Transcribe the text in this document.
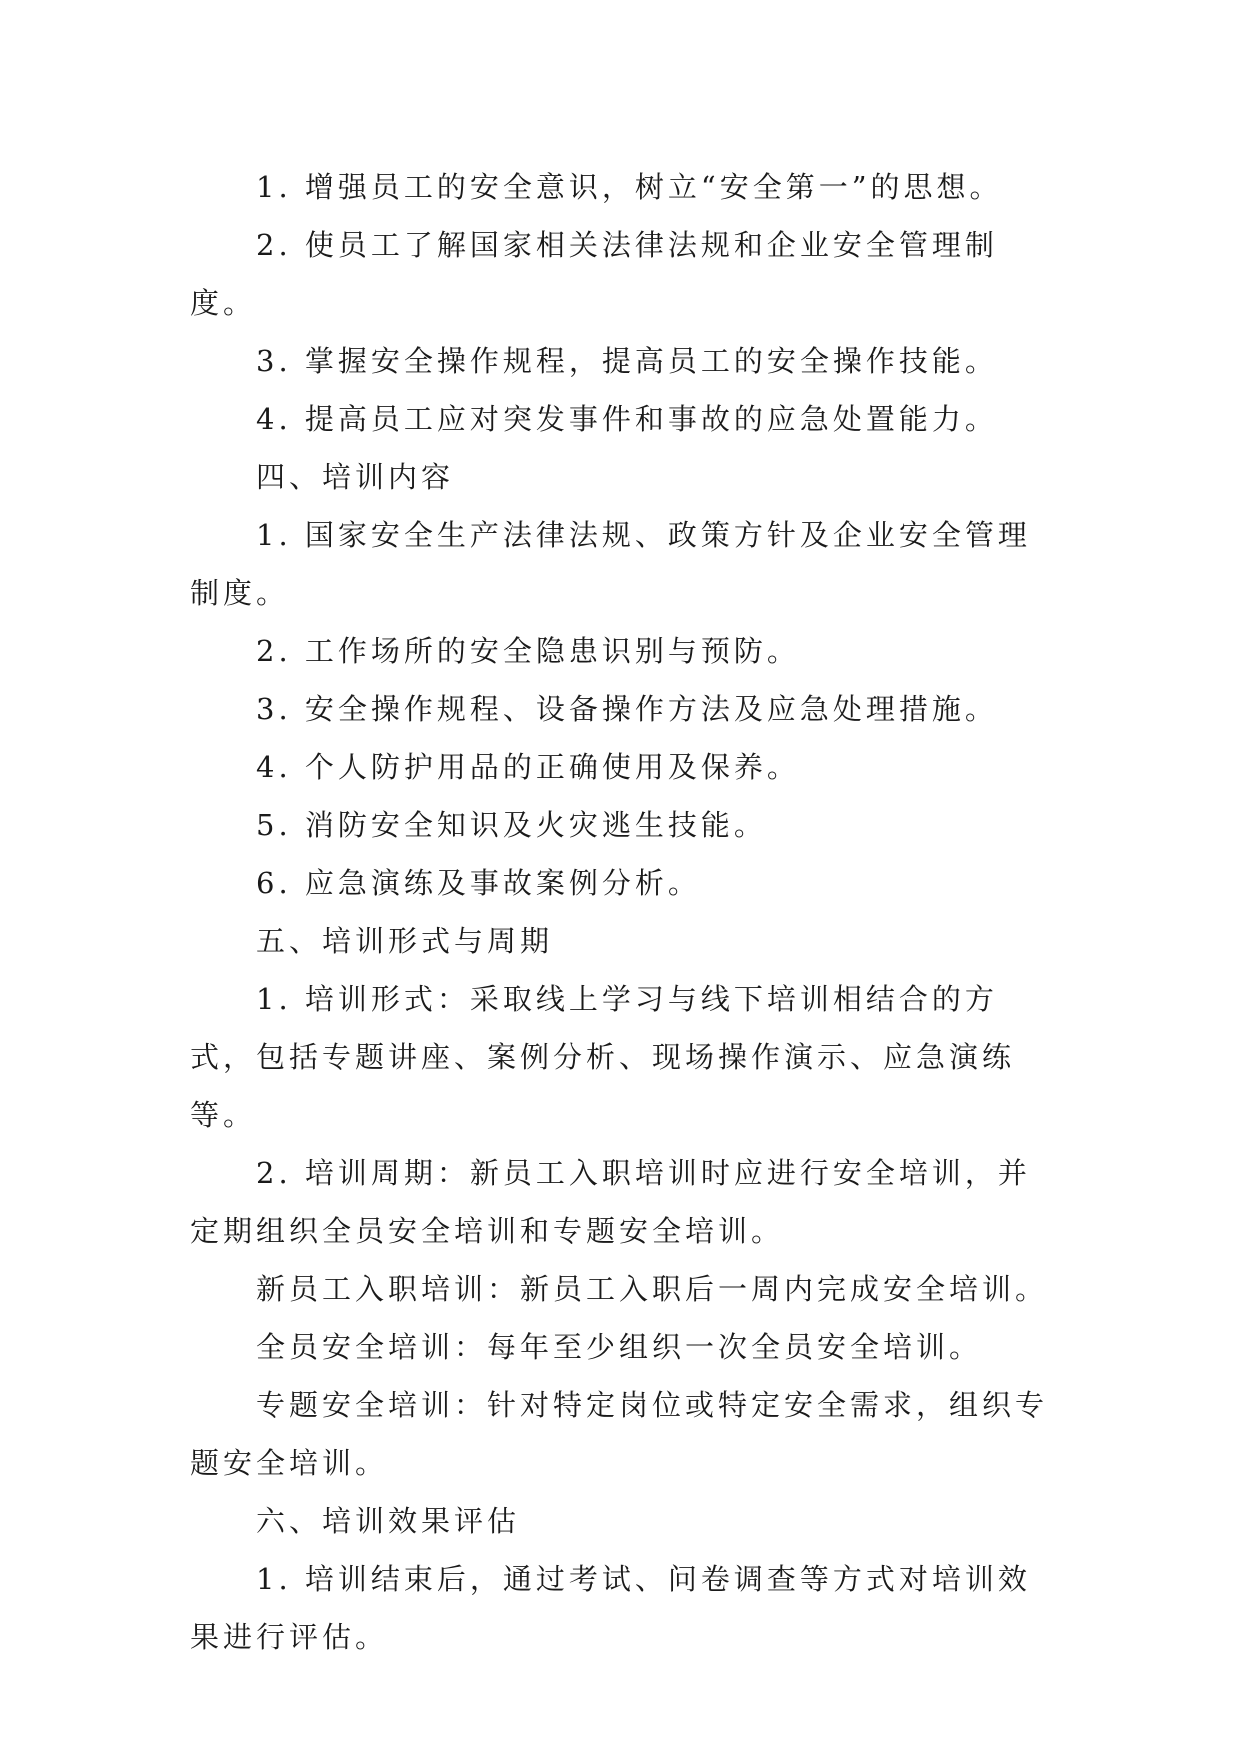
1. 增强员工的安全意识，树立“安全第一”的思想。

2. 使员工了解国家相关法律法规和企业安全管理制度。

3. 掌握安全操作规程，提高员工的安全操作技能。

4. 提高员工应对突发事件和事故的应急处置能力。

四、培训内容

1. 国家安全生产法律法规、政策方针及企业安全管理制度。

2. 工作场所的安全隐患识别与预防。

3. 安全操作规程、设备操作方法及应急处理措施。

4. 个人防护用品的正确使用及保养。

5. 消防安全知识及火灾逃生技能。

6. 应急演练及事故案例分析。

五、培训形式与周期

1. 培训形式：采取线上学习与线下培训相结合的方式，包括专题讲座、案例分析、现场操作演示、应急演练等。

2. 培训周期：新员工入职培训时应进行安全培训，并定期组织全员安全培训和专题安全培训。

新员工入职培训：新员工入职后一周内完成安全培训。

全员安全培训：每年至少组织一次全员安全培训。

专题安全培训：针对特定岗位或特定安全需求，组织专题安全培训。

六、培训效果评估

1. 培训结束后，通过考试、问卷调查等方式对培训效果进行评估。
